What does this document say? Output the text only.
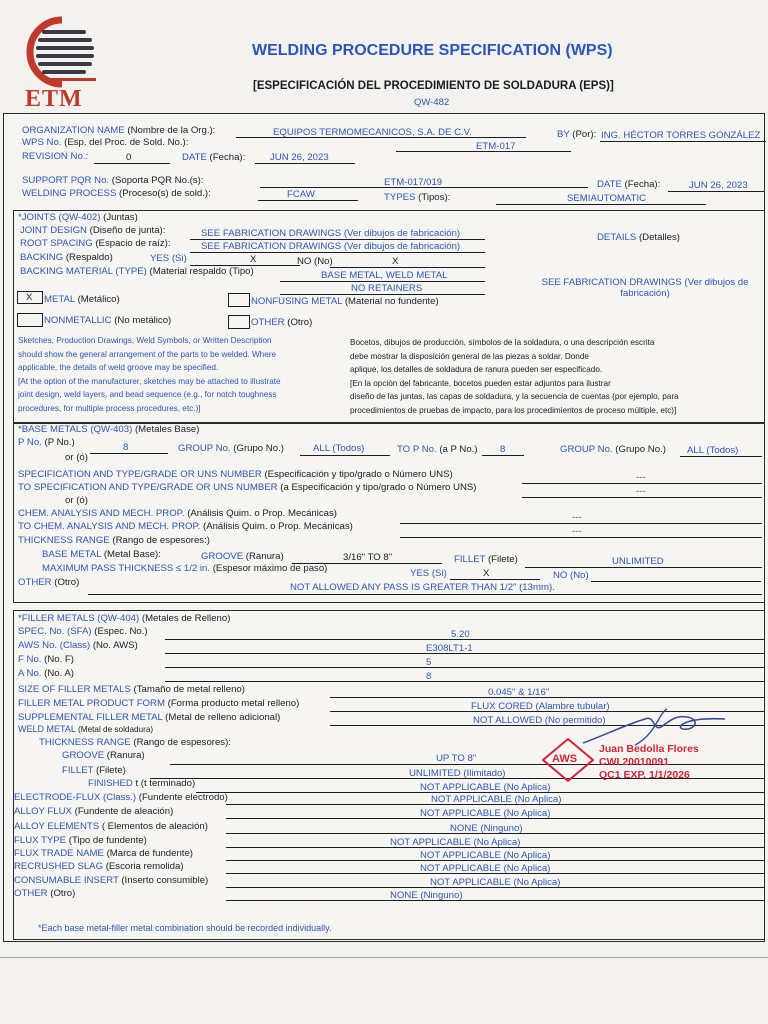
ETM
WELDING PROCEDURE SPECIFICATION (WPS)
[ESPECIFICACIÓN DEL PROCEDIMIENTO DE SOLDADURA (EPS)]
QW-482
ORGANIZATION NAME (Nombre de la Org.):	EQUIPOS TERMOMECANICOS, S.A. DE C.V.	BY (Por): ING. HÉCTOR TORRES GONZÁLEZ
WPS No. (Esp. del Proc. de Sold. No.):	ETM-017
REVISION No.:	0	DATE (Fecha):	JUN 26, 2023
SUPPORT PQR No. (Soporta PQR No.(s):	ETM-017/019	DATE (Fecha):	JUN 26, 2023
WELDING PROCESS (Proceso(s) de sold.):	FCAW	TYPES (Tipos):	SEMIAUTOMATIC
*JOINTS (QW-402) (Juntas)
JOINT DESIGN (Diseño de junta):	SEE FABRICATION DRAWINGS (Ver dibujos de fabricación)
ROOT SPACING (Espacio de raíz):	SEE FABRICATION DRAWINGS (Ver dibujos de fabricación)
DETAILS (Detalles)
BACKING (Respaldo)	YES (Si)	X	NO (No)	X
BACKING MATERIAL (TYPE) (Material respaldo (Tipo)	BASE METAL, WELD METAL
NO RETAINERS
SEE FABRICATION DRAWINGS (Ver dibujos de fabricación)
X METAL (Metálico)	NONFUSING METAL (Material no fundente)
NONMETALLIC (No metálico)	OTHER (Otro)
Sketches, Production Drawings, Weld Symbols, or Written Description
should show the general arrangement of the parts to be welded. Where
applicable, the details of weld groove may be specified.
[At the option of the manufacturer, sketches may be attached to illustrate
joint design, weld layers, and bead sequence (e.g., for notch toughness
procedures, for multiple process procedures, etc.)]
Bocetos, dibujos de producción, símbolos de la soldadura, o una descripción escrita
debe mostrar la disposición general de las piezas a soldar. Donde
aplique, los detalles de soldadura de ranura pueden ser especificado.
[En la opción del fabricante, bocetos pueden estar adjuntos para ilustrar
diseño de las juntas, las capas de soldadura, y la secuencia de cuentas (por ejemplo, para
procedimientos de pruebas de impacto, para los procedimientos de proceso múltiple, etc)]
*BASE METALS (QW-403) (Metales Base)
P No. (P No.)	8	GROUP No. (Grupo No.)	ALL (Todos)	TO P No. (a P No.) 8	GROUP No. (Grupo No.) ALL (Todos)
or (ó)
SPECIFICATION AND TYPE/GRADE OR UNS NUMBER (Especificación y tipo/grado o Número UNS)	---
TO SPECIFICATION AND TYPE/GRADE OR UNS NUMBER (a Especificación y tipo/grado o Número UNS)	---
or (ó)
CHEM. ANALYSIS AND MECH. PROP. (Análisis Quim. o Prop. Mecánicas)	---
TO CHEM. ANALYSIS AND MECH. PROP. (Análisis Quim. o Prop. Mecánicas)	---
THICKNESS RANGE (Rango de espesores:)
BASE METAL (Metal Base):	GROOVE (Ranura)	3/16" TO 8"	FILLET (Filete)	UNLIMITED
MAXIMUM PASS THICKNESS ≤ 1/2 in. (Espesor máximo de paso)	YES (Si)	X	NO (No)
OTHER (Otro)	NOT ALLOWED ANY PASS IS GREATER THAN 1/2" (13mm).
*FILLER METALS (QW-404) (Metales de Relleno)
SPEC. No. (SFA) (Espec. No.)	5.20
AWS No. (Class) (No. AWS)	E308LT1-1
F No. (No. F)	5
A No. (No. A)	8
SIZE OF FILLER METALS (Tamaño de metal relleno)	0.045" & 1/16"
FILLER METAL PRODUCT FORM (Forma producto metal relleno)	FLUX CORED (Alambre tubular)
SUPPLEMENTAL FILLER METAL (Metal de relleno adicional)	NOT ALLOWED (No permitido)
WELD METAL (Metal de soldadura)
THICKNESS RANGE (Rango de espesores):
GROOVE (Ranura)	UP TO 8"
FILLET (Filete)	UNLIMITED (Ilimitado)
FINISHED t (t terminado)	NOT APPLICABLE (No Aplica)
ELECTRODE-FLUX (Class.) (Fundente electrodo)	NOT APPLICABLE (No Aplica)
ALLOY FLUX (Fundente de aleación)	NOT APPLICABLE (No Aplica)
ALLOY ELEMENTS ( Elementos de aleación)	NONE (Ninguno)
FLUX TYPE (Tipo de fundente)	NOT APPLICABLE (No Aplica)
FLUX TRADE NAME (Marca de fundente)	NOT APPLICABLE (No Aplica)
RECRUSHED SLAG (Escoria remolida)	NOT APPLICABLE (No Aplica)
CONSUMABLE INSERT (Inserto consumible)	NOT APPLICABLE (No Aplica)
OTHER (Otro)	NONE (Ninguno)
*Each base metal-filler metal combination should be recorded individually.
AWS
Juan Bedolla Flores
CWI 20010091
QC1 EXP. 1/1/2026
